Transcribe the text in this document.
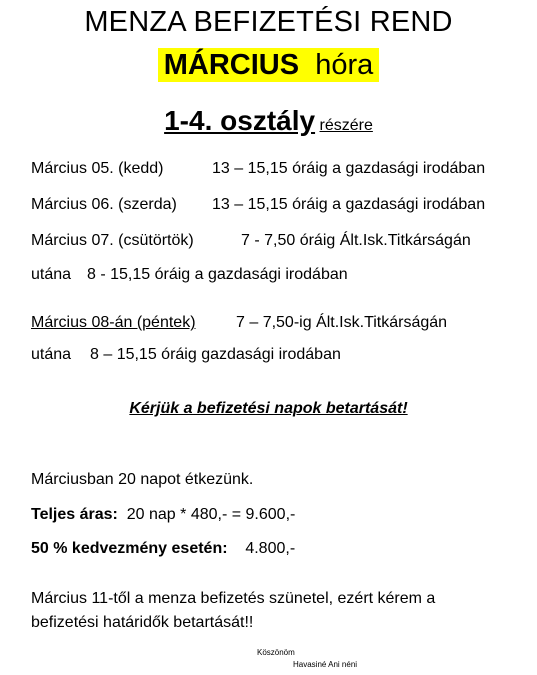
MENZA BEFIZETÉSI REND
MÁRCIUS hóra
1-4. osztály részére
Március 05. (kedd)	13 – 15,15 óráig a gazdasági irodában
Március 06. (szerda) 13 – 15,15 óráig a gazdasági irodában
Március 07. (csütörtök)	7 - 7,50 óráig Ált.Isk.Titkárságán
utána 8 - 15,15 óráig a gazdasági irodában
Március 08-án (péntek)	7 – 7,50-ig Ált.Isk.Titkárságán
utána 8 – 15,15 óráig gazdasági irodában
Kérjük a befizetési napok betartását!
Márciusban 20 napot étkezünk.
Teljes áras: 20 nap * 480,- = 9.600,-
50 % kedvezmény esetén: 4.800,-
Március 11-től a menza befizetés szünetel, ezért kérem a
befizetési határidők betartását!!
Köszönöm
Havasiné Ani néni
